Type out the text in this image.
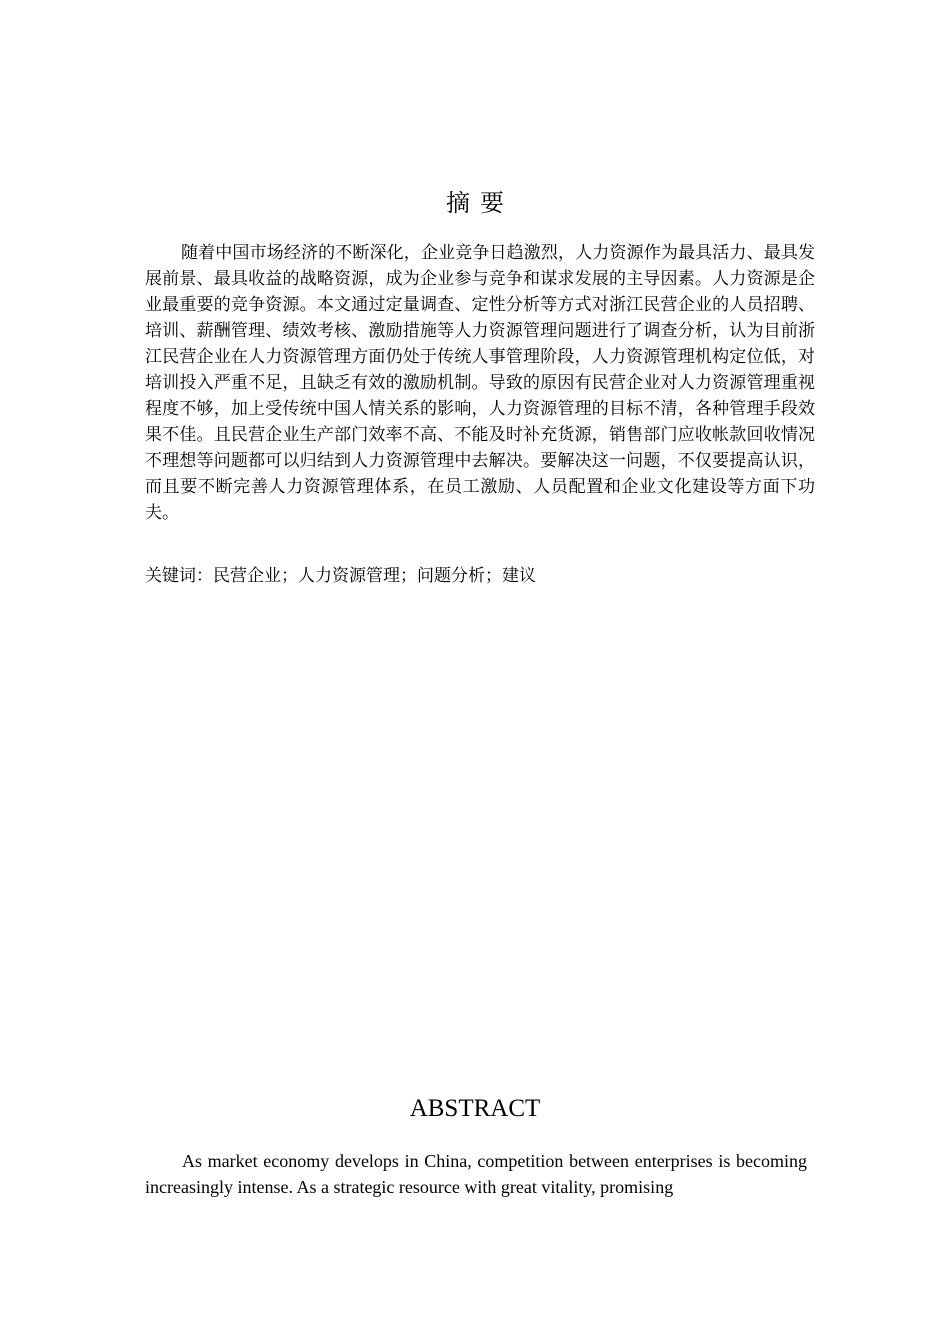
摘要

随着中国市场经济的不断深化，企业竞争日趋激烈，人力资源作为最具活力、最具发展前景、最具收益的战略资源，成为企业参与竞争和谋求发展的主导因素。人力资源是企业最重要的竞争资源。本文通过定量调查、定性分析等方式对浙江民营企业的人员招聘、培训、薪酬管理、绩效考核、激励措施等人力资源管理问题进行了调查分析，认为目前浙江民营企业在人力资源管理方面仍处于传统人事管理阶段，人力资源管理机构定位低，对培训投入严重不足，且缺乏有效的激励机制。导致的原因有民营企业对人力资源管理重视程度不够，加上受传统中国人情关系的影响，人力资源管理的目标不清，各种管理手段效果不佳。且民营企业生产部门效率不高、不能及时补充货源，销售部门应收帐款回收情况不理想等问题都可以归结到人力资源管理中去解决。要解决这一问题，不仅要提高认识，而且要不断完善人力资源管理体系，在员工激励、人员配置和企业文化建设等方面下功夫。

关键词：民营企业；人力资源管理；问题分析；建议

ABSTRACT

As market economy develops in China, competition between enterprises is becoming increasingly intense. As a strategic resource with great vitality, promising
